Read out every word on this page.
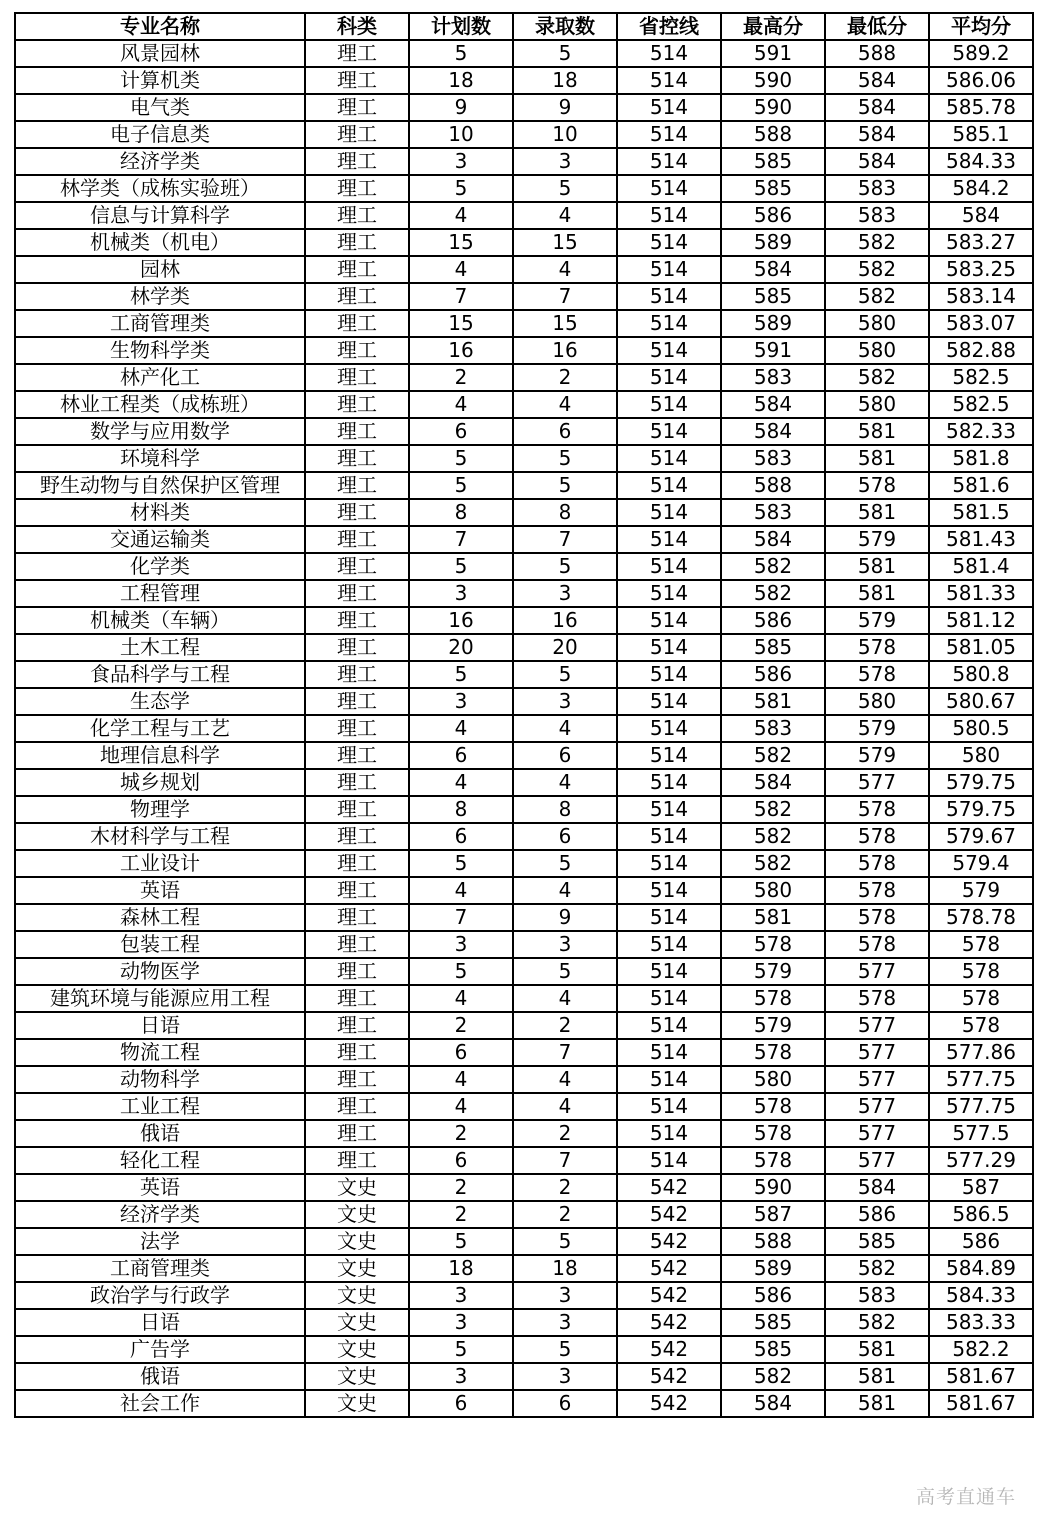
专业名称	科类	计划数	录取数	省控线	最高分	最低分	平均分
风景园林	理工	5	5	514	591	588	589.2
计算机类	理工	18	18	514	590	584	586.06
电气类	理工	9	9	514	590	584	585.78
电子信息类	理工	10	10	514	588	584	585.1
经济学类	理工	3	3	514	585	584	584.33
林学类（成栋实验班）	理工	5	5	514	585	583	584.2
信息与计算科学	理工	4	4	514	586	583	584
机械类（机电）	理工	15	15	514	589	582	583.27
园林	理工	4	4	514	584	582	583.25
林学类	理工	7	7	514	585	582	583.14
工商管理类	理工	15	15	514	589	580	583.07
生物科学类	理工	16	16	514	591	580	582.88
林产化工	理工	2	2	514	583	582	582.5
林业工程类（成栋班）	理工	4	4	514	584	580	582.5
数学与应用数学	理工	6	6	514	584	581	582.33
环境科学	理工	5	5	514	583	581	581.8
野生动物与自然保护区管理	理工	5	5	514	588	578	581.6
材料类	理工	8	8	514	583	581	581.5
交通运输类	理工	7	7	514	584	579	581.43
化学类	理工	5	5	514	582	581	581.4
工程管理	理工	3	3	514	582	581	581.33
机械类（车辆）	理工	16	16	514	586	579	581.12
土木工程	理工	20	20	514	585	578	581.05
食品科学与工程	理工	5	5	514	586	578	580.8
生态学	理工	3	3	514	581	580	580.67
化学工程与工艺	理工	4	4	514	583	579	580.5
地理信息科学	理工	6	6	514	582	579	580
城乡规划	理工	4	4	514	584	577	579.75
物理学	理工	8	8	514	582	578	579.75
木材科学与工程	理工	6	6	514	582	578	579.67
工业设计	理工	5	5	514	582	578	579.4
英语	理工	4	4	514	580	578	579
森林工程	理工	7	9	514	581	578	578.78
包装工程	理工	3	3	514	578	578	578
动物医学	理工	5	5	514	579	577	578
建筑环境与能源应用工程	理工	4	4	514	578	578	578
日语	理工	2	2	514	579	577	578
物流工程	理工	6	7	514	578	577	577.86
动物科学	理工	4	4	514	580	577	577.75
工业工程	理工	4	4	514	578	577	577.75
俄语	理工	2	2	514	578	577	577.5
轻化工程	理工	6	7	514	578	577	577.29
英语	文史	2	2	542	590	584	587
经济学类	文史	2	2	542	587	586	586.5
法学	文史	5	5	542	588	585	586
工商管理类	文史	18	18	542	589	582	584.89
政治学与行政学	文史	3	3	542	586	583	584.33
日语	文史	3	3	542	585	582	583.33
广告学	文史	5	5	542	585	581	582.2
俄语	文史	3	3	542	582	581	581.67
社会工作	文史	6	6	542	584	581	581.67
高考直通车
